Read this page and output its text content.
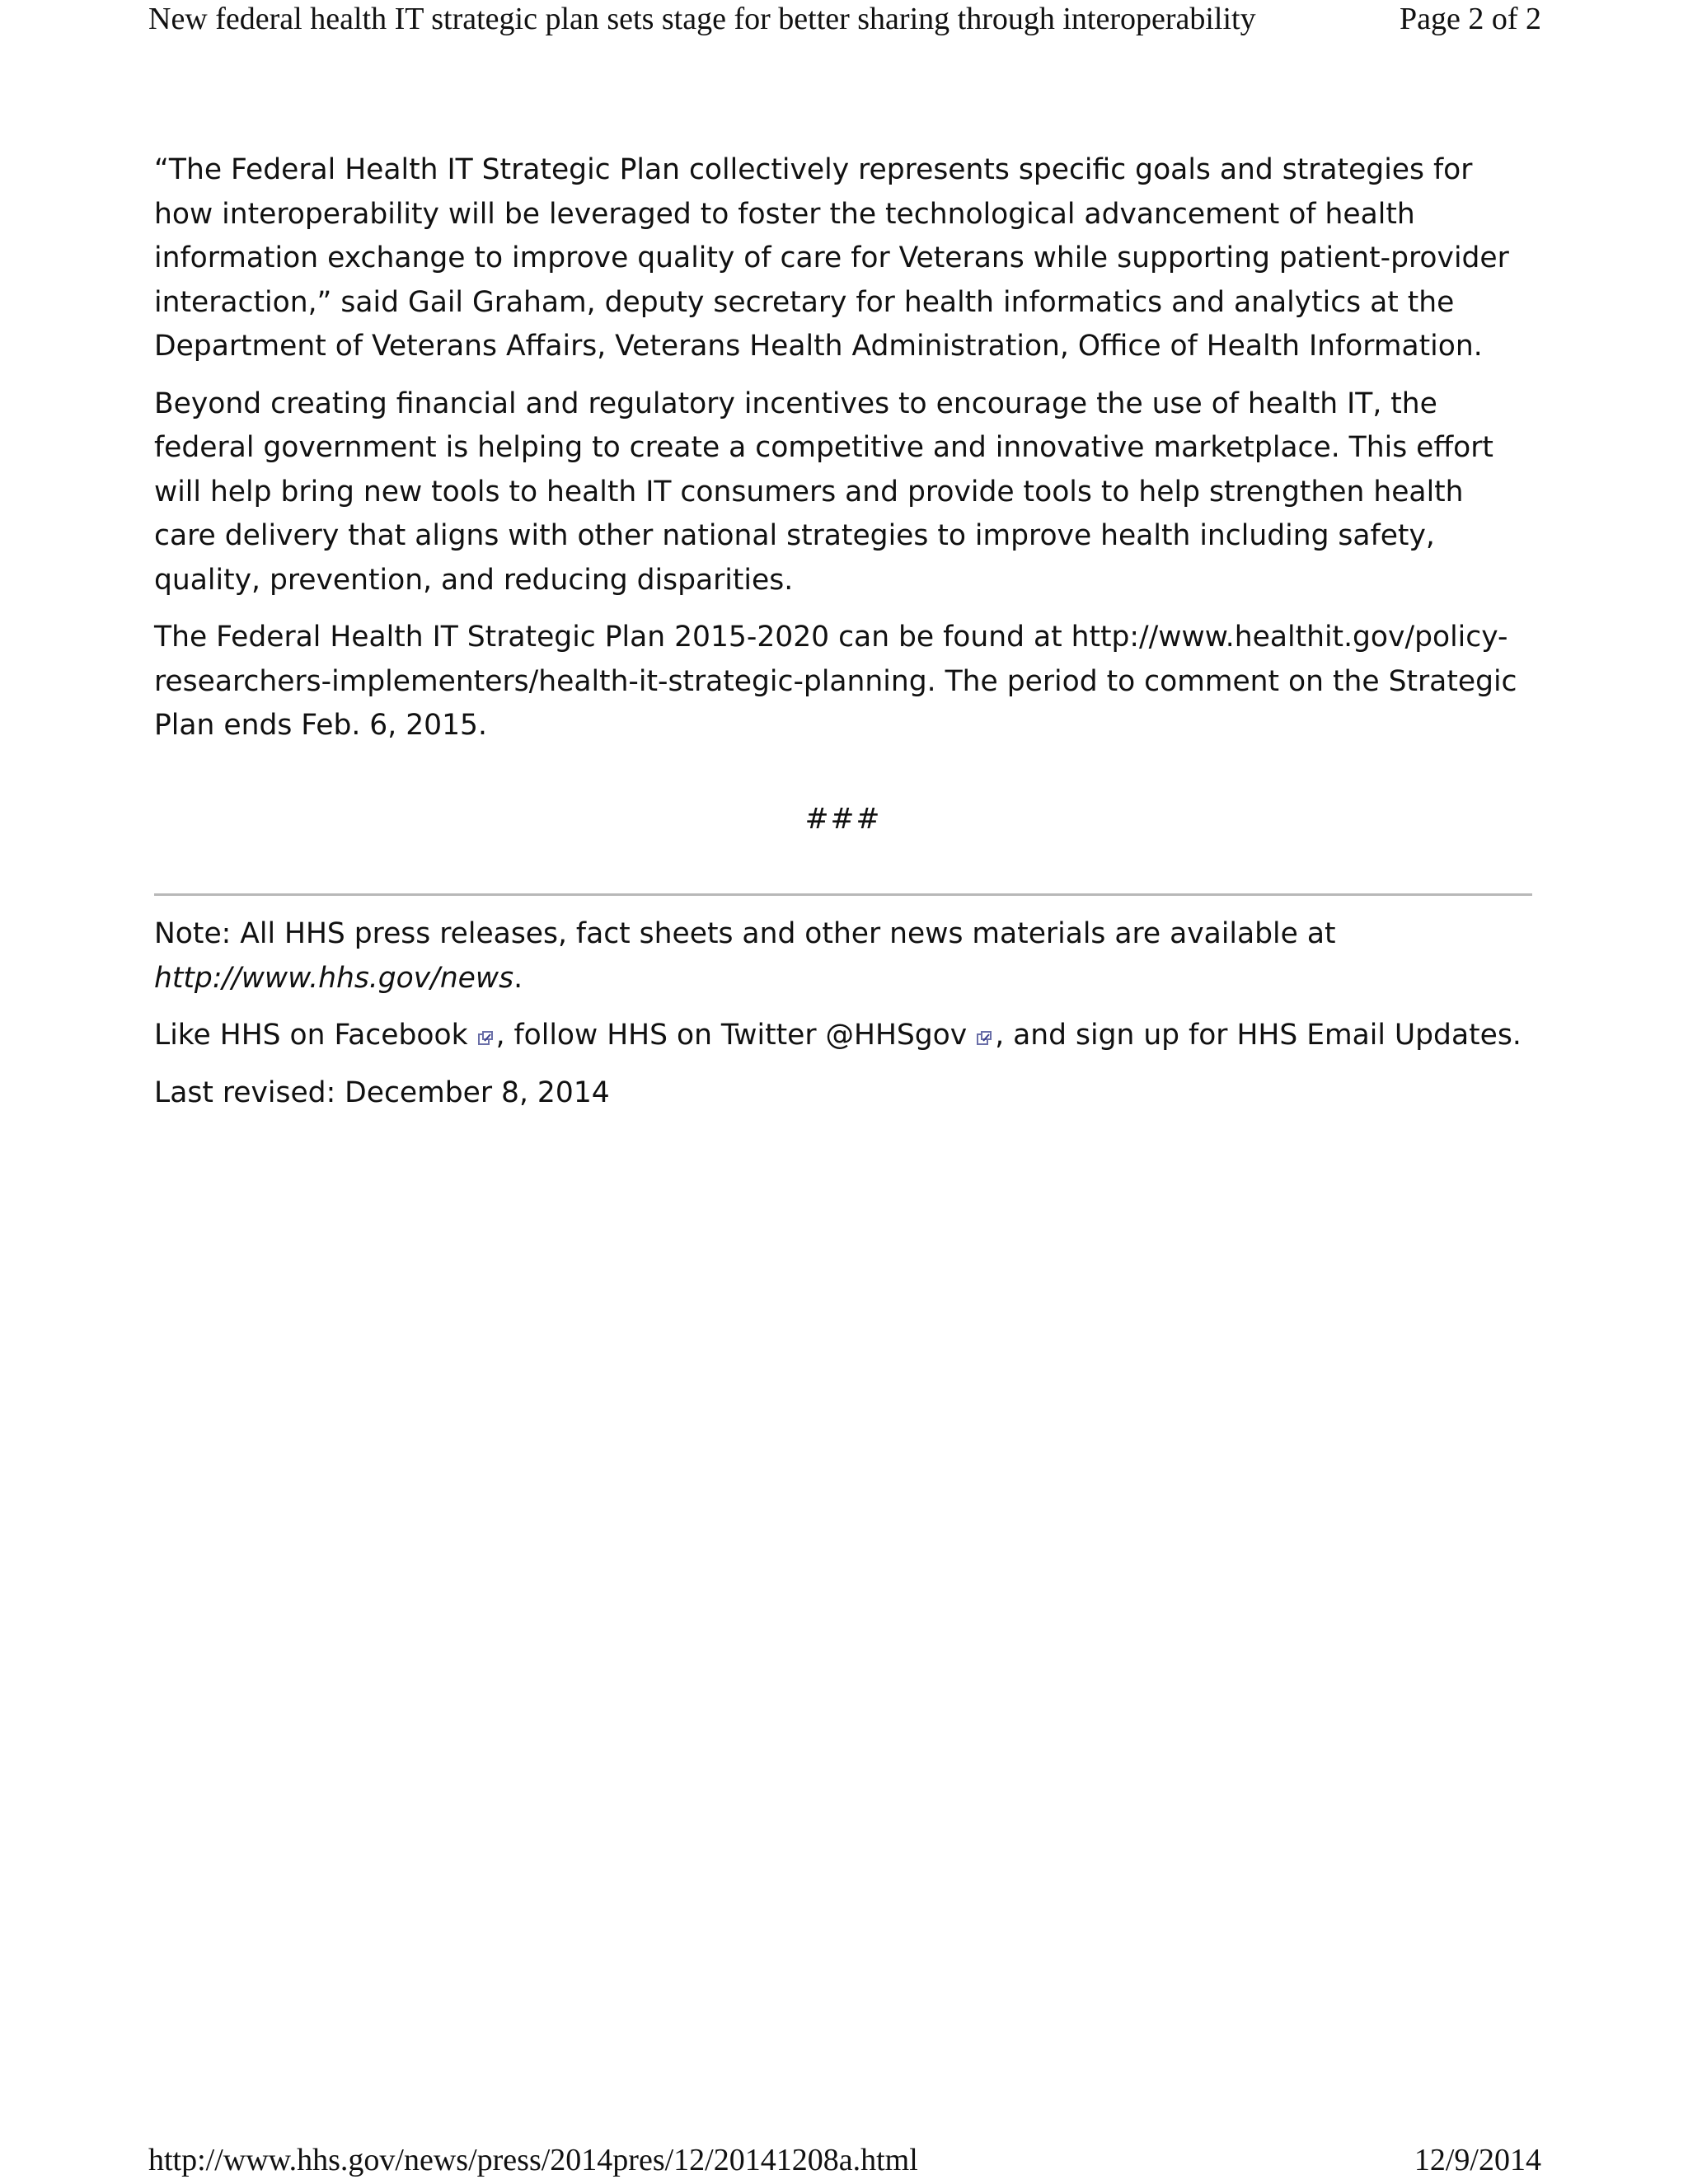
New federal health IT strategic plan sets stage for better sharing through interoperability	Page 2 of 2

“The Federal Health IT Strategic Plan collectively represents specific goals and strategies for how interoperability will be leveraged to foster the technological advancement of health information exchange to improve quality of care for Veterans while supporting patient-provider interaction,” said Gail Graham, deputy secretary for health informatics and analytics at the Department of Veterans Affairs, Veterans Health Administration, Office of Health Information.

Beyond creating financial and regulatory incentives to encourage the use of health IT, the federal government is helping to create a competitive and innovative marketplace. This effort will help bring new tools to health IT consumers and provide tools to help strengthen health care delivery that aligns with other national strategies to improve health including safety, quality, prevention, and reducing disparities.

The Federal Health IT Strategic Plan 2015-2020 can be found at http://www.healthit.gov/policy-researchers-implementers/health-it-strategic-planning. The period to comment on the Strategic Plan ends Feb. 6, 2015.

###

Note: All HHS press releases, fact sheets and other news materials are available at
http://www.hhs.gov/news.

Like HHS on Facebook , follow HHS on Twitter @HHSgov , and sign up for HHS Email Updates.

Last revised: December 8, 2014

http://www.hhs.gov/news/press/2014pres/12/20141208a.html	12/9/2014
